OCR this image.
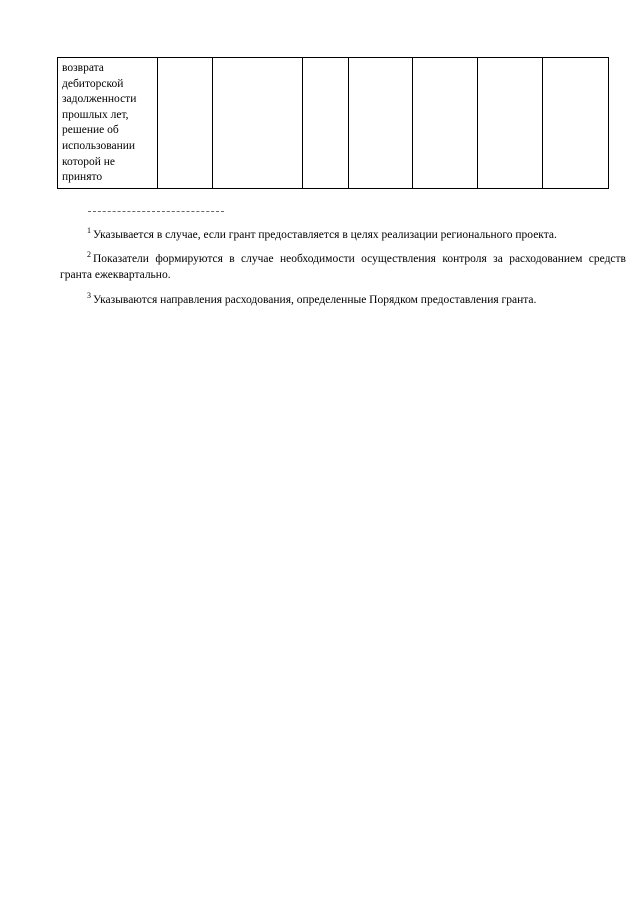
возврата
дебиторской
задолженности
прошлых лет,
решение об
использовании
которой не
принято

$^1$ Указывается в случае, если грант предоставляется в целях реализации регионального проекта.

$^2$ Показатели формируются в случае необходимости осуществления контроля за расходованием средств гранта ежеквартально.

$^3$ Указываются направления расходования, определенные Порядком предоставления гранта.
